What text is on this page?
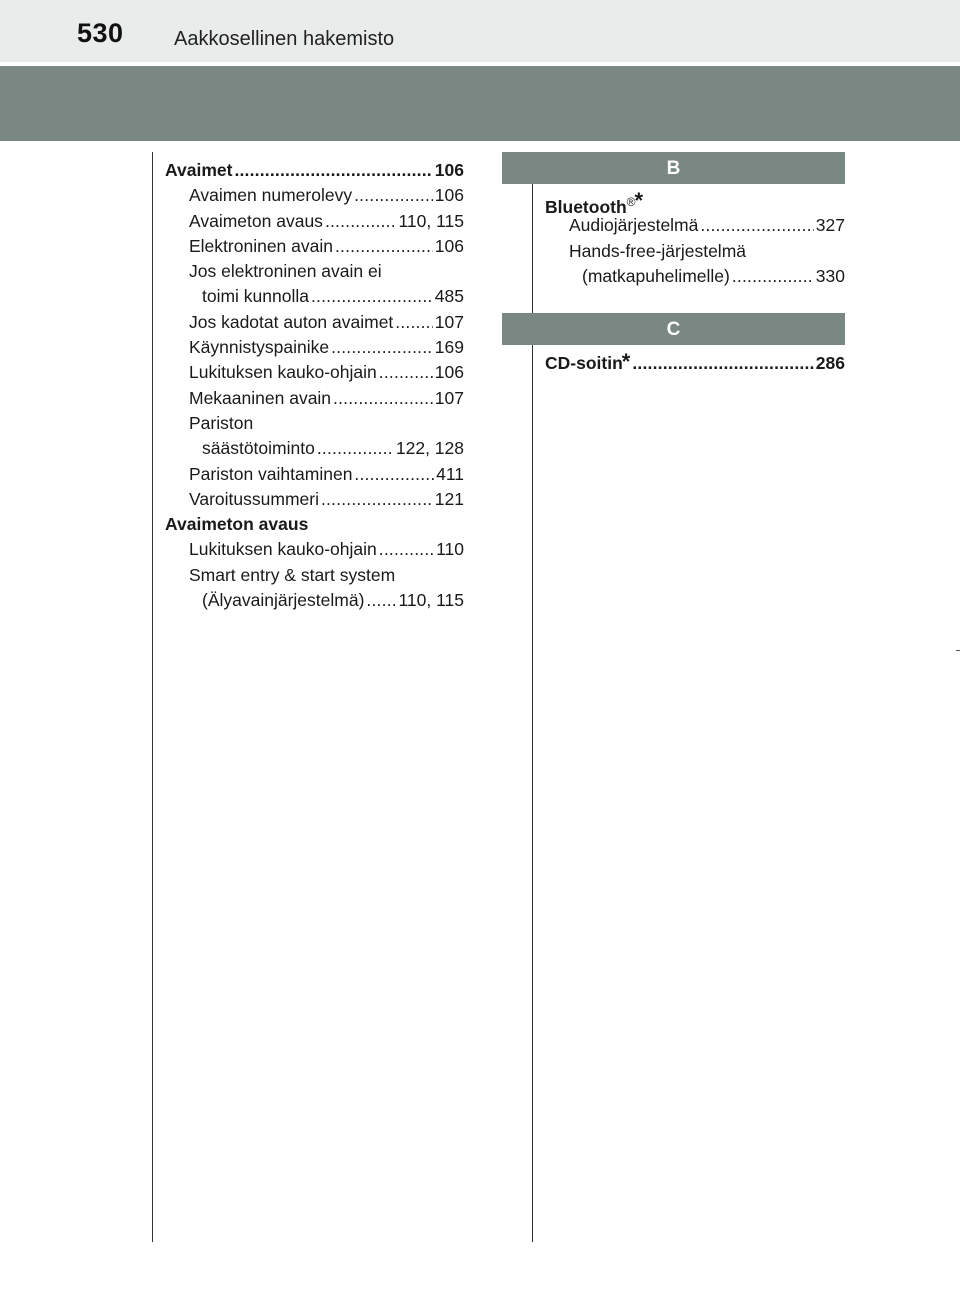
530	Aakkosellinen hakemisto
Avaimet .....	106
Avaimen numerolevy .....	106
Avaimeton avaus .....	110, 115
Elektroninen avain .....	106
Jos elektroninen avain ei
toimi kunnolla .....	485
Jos kadotat auton avaimet ..... 107
Käynnistyspainike .....	169
Lukituksen kauko-ohjain .....	106
Mekaaninen avain .....	107
Pariston
säästötoiminto .....	122, 128
Pariston vaihtaminen .....	411
Varoitussummeri .....	121
Avaimeton avaus
Lukituksen kauko-ohjain .....	110
Smart entry & start system
(Älyavainjärjestelmä) ..... 110, 115
B
Bluetooth®*
Audiojärjestelmä .....	327
Hands-free-järjestelmä
(matkapuhelimelle) .....	330
C
CD-soitin * .....	286
